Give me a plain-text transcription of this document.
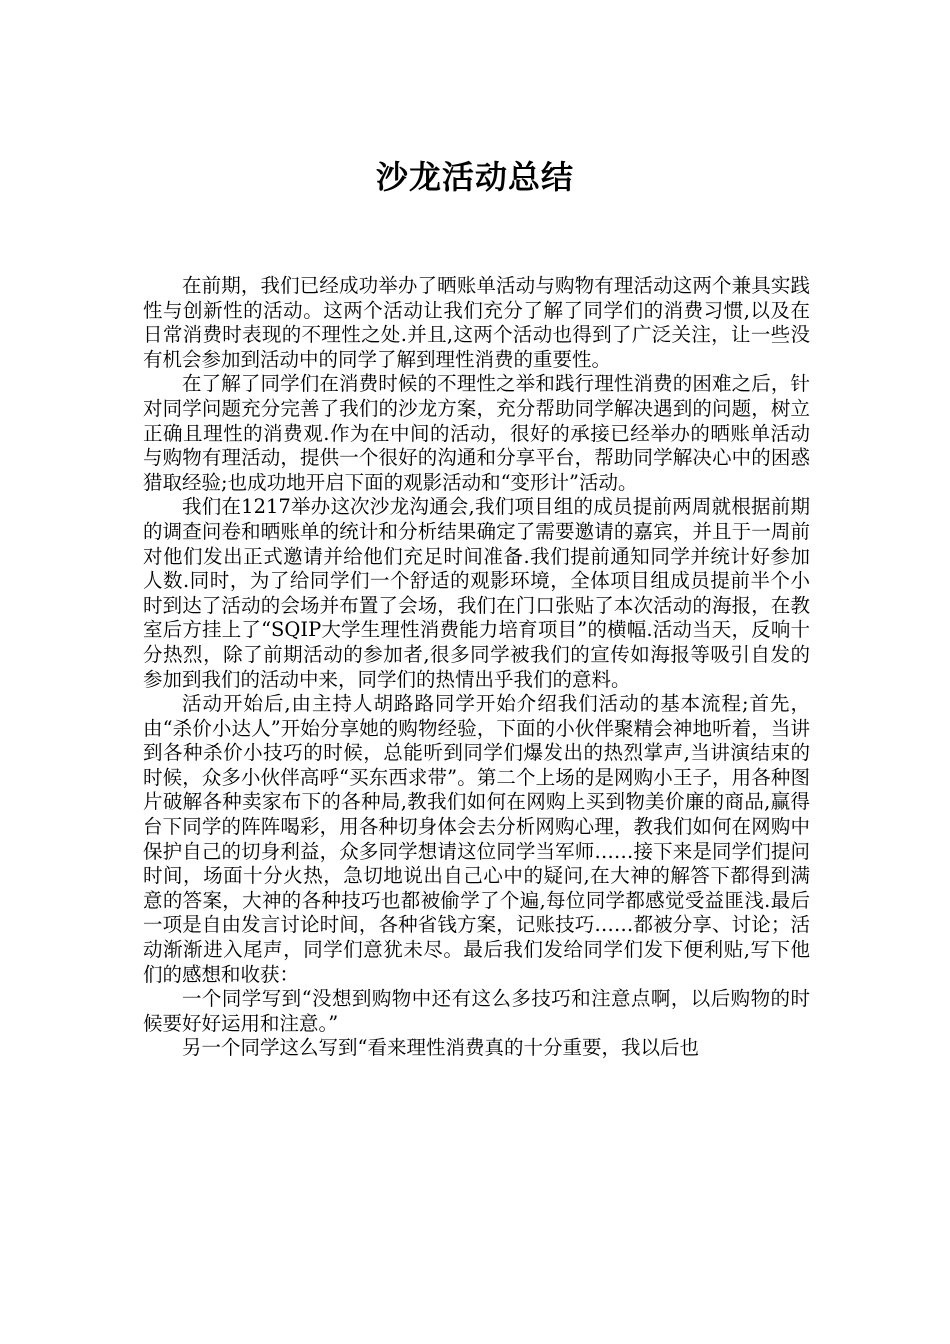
沙龙活动总结

在前期，我们已经成功举办了晒账单活动与购物有理活动这两个兼具实践性与创新性的活动。这两个活动让我们充分了解了同学们的消费习惯,以及在日常消费时表现的不理性之处.并且,这两个活动也得到了广泛关注，让一些没有机会参加到活动中的同学了解到理性消费的重要性。

在了解了同学们在消费时候的不理性之举和践行理性消费的困难之后，针对同学问题充分完善了我们的沙龙方案，充分帮助同学解决遇到的问题，树立正确且理性的消费观.作为在中间的活动，很好的承接已经举办的晒账单活动与购物有理活动，提供一个很好的沟通和分享平台，帮助同学解决心中的困惑猎取经验;也成功地开启下面的观影活动和“变形计”活动。

我们在1217举办这次沙龙沟通会,我们项目组的成员提前两周就根据前期的调查问卷和晒账单的统计和分析结果确定了需要邀请的嘉宾，并且于一周前对他们发出正式邀请并给他们充足时间准备.我们提前通知同学并统计好参加人数.同时，为了给同学们一个舒适的观影环境，全体项目组成员提前半个小时到达了活动的会场并布置了会场，我们在门口张贴了本次活动的海报，在教室后方挂上了“SQIP大学生理性消费能力培育项目”的横幅.活动当天，反响十分热烈，除了前期活动的参加者,很多同学被我们的宣传如海报等吸引自发的参加到我们的活动中来，同学们的热情出乎我们的意料。

活动开始后,由主持人胡路路同学开始介绍我们活动的基本流程;首先，由“杀价小达人”开始分享她的购物经验，下面的小伙伴聚精会神地听着，当讲到各种杀价小技巧的时候，总能听到同学们爆发出的热烈掌声,当讲演结束的时候，众多小伙伴高呼“买东西求带”。第二个上场的是网购小王子，用各种图片破解各种卖家布下的各种局,教我们如何在网购上买到物美价廉的商品,赢得台下同学的阵阵喝彩，用各种切身体会去分析网购心理，教我们如何在网购中保护自己的切身利益，众多同学想请这位同学当军师……接下来是同学们提问时间，场面十分火热，急切地说出自己心中的疑问,在大神的解答下都得到满意的答案，大神的各种技巧也都被偷学了个遍,每位同学都感觉受益匪浅.最后一项是自由发言讨论时间，各种省钱方案，记账技巧……都被分享、讨论；活动渐渐进入尾声，同学们意犹未尽。最后我们发给同学们发下便利贴,写下他们的感想和收获：

一个同学写到“没想到购物中还有这么多技巧和注意点啊，以后购物的时候要好好运用和注意。”

另一个同学这么写到“看来理性消费真的十分重要，我以后也
